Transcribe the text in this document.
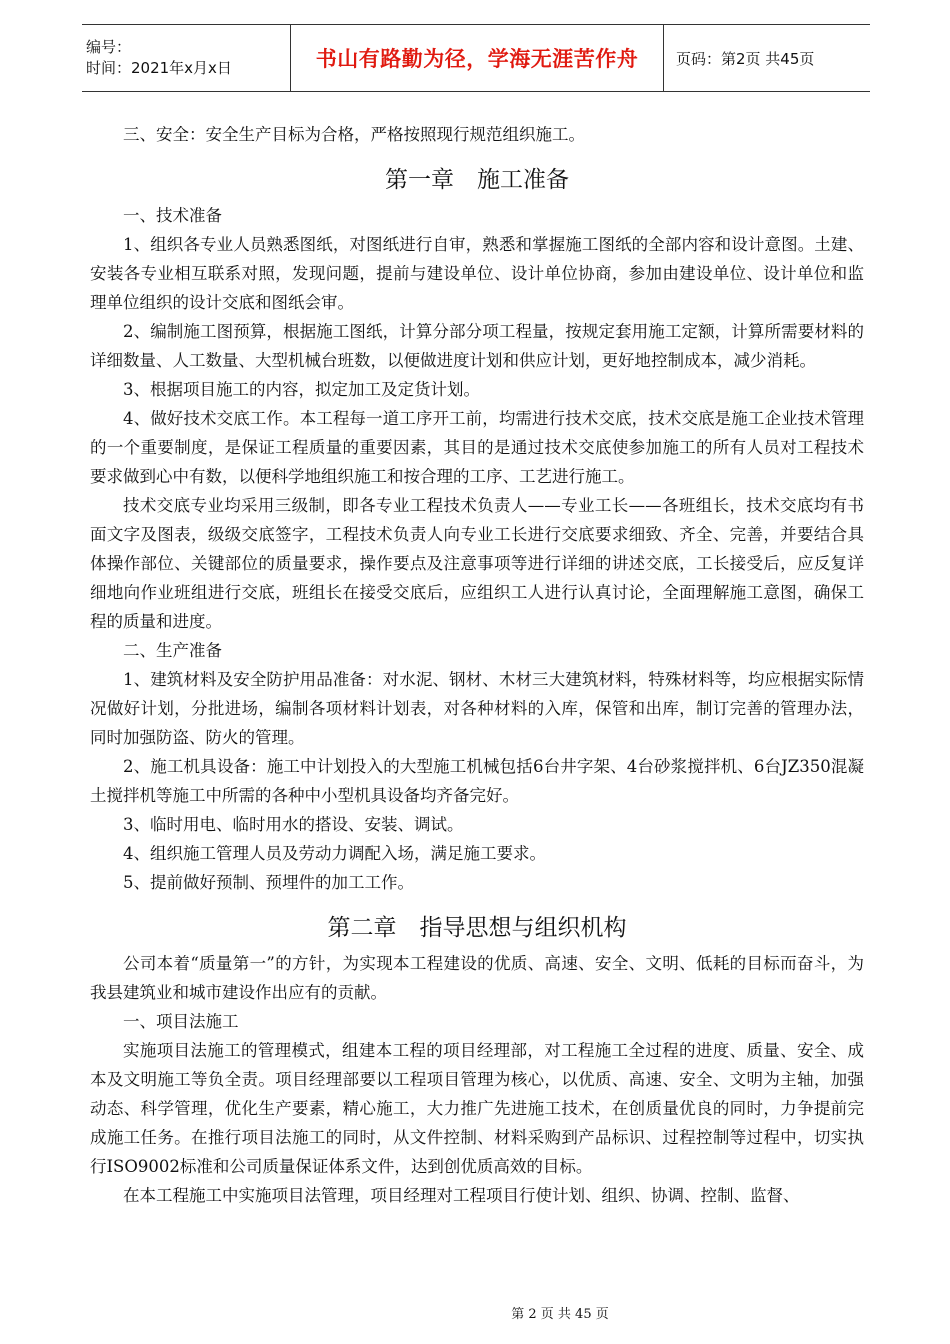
编号：
时间：2021年x月x日	书山有路勤为径，学海无涯苦作舟	页码：第2页 共45页

三、安全：安全生产目标为合格，严格按照现行规范组织施工。

第一章　施工准备

一、技术准备

1、组织各专业人员熟悉图纸，对图纸进行自审，熟悉和掌握施工图纸的全部内容和设计意图。土建、安装各专业相互联系对照，发现问题，提前与建设单位、设计单位协商，参加由建设单位、设计单位和监理单位组织的设计交底和图纸会审。

2、编制施工图预算，根据施工图纸，计算分部分项工程量，按规定套用施工定额，计算所需要材料的详细数量、人工数量、大型机械台班数，以便做进度计划和供应计划，更好地控制成本，减少消耗。

3、根据项目施工的内容，拟定加工及定货计划。

4、做好技术交底工作。本工程每一道工序开工前，均需进行技术交底，技术交底是施工企业技术管理的一个重要制度，是保证工程质量的重要因素，其目的是通过技术交底使参加施工的所有人员对工程技术要求做到心中有数，以便科学地组织施工和按合理的工序、工艺进行施工。

技术交底专业均采用三级制，即各专业工程技术负责人——专业工长——各班组长，技术交底均有书面文字及图表，级级交底签字，工程技术负责人向专业工长进行交底要求细致、齐全、完善，并要结合具体操作部位、关键部位的质量要求，操作要点及注意事项等进行详细的讲述交底，工长接受后，应反复详细地向作业班组进行交底，班组长在接受交底后，应组织工人进行认真讨论，全面理解施工意图，确保工程的质量和进度。

二、生产准备

1、建筑材料及安全防护用品准备：对水泥、钢材、木材三大建筑材料，特殊材料等，均应根据实际情况做好计划，分批进场，编制各项材料计划表，对各种材料的入库，保管和出库，制订完善的管理办法，同时加强防盗、防火的管理。

2、施工机具设备：施工中计划投入的大型施工机械包括6台井字架、4台砂浆搅拌机、6台JZ350混凝土搅拌机等施工中所需的各种中小型机具设备均齐备完好。

3、临时用电、临时用水的搭设、安装、调试。

4、组织施工管理人员及劳动力调配入场，满足施工要求。

5、提前做好预制、预埋件的加工工作。

第二章　指导思想与组织机构

公司本着“质量第一”的方针，为实现本工程建设的优质、高速、安全、文明、低耗的目标而奋斗，为我县建筑业和城市建设作出应有的贡献。

一、项目法施工

实施项目法施工的管理模式，组建本工程的项目经理部，对工程施工全过程的进度、质量、安全、成本及文明施工等负全责。项目经理部要以工程项目管理为核心，以优质、高速、安全、文明为主轴，加强动态、科学管理，优化生产要素，精心施工，大力推广先进施工技术，在创质量优良的同时，力争提前完成施工任务。在推行项目法施工的同时，从文件控制、材料采购到产品标识、过程控制等过程中，切实执行ISO9002标准和公司质量保证体系文件，达到创优质高效的目标。

在本工程施工中实施项目法管理，项目经理对工程项目行使计划、组织、协调、控制、监督、

第 2 页 共 45 页
